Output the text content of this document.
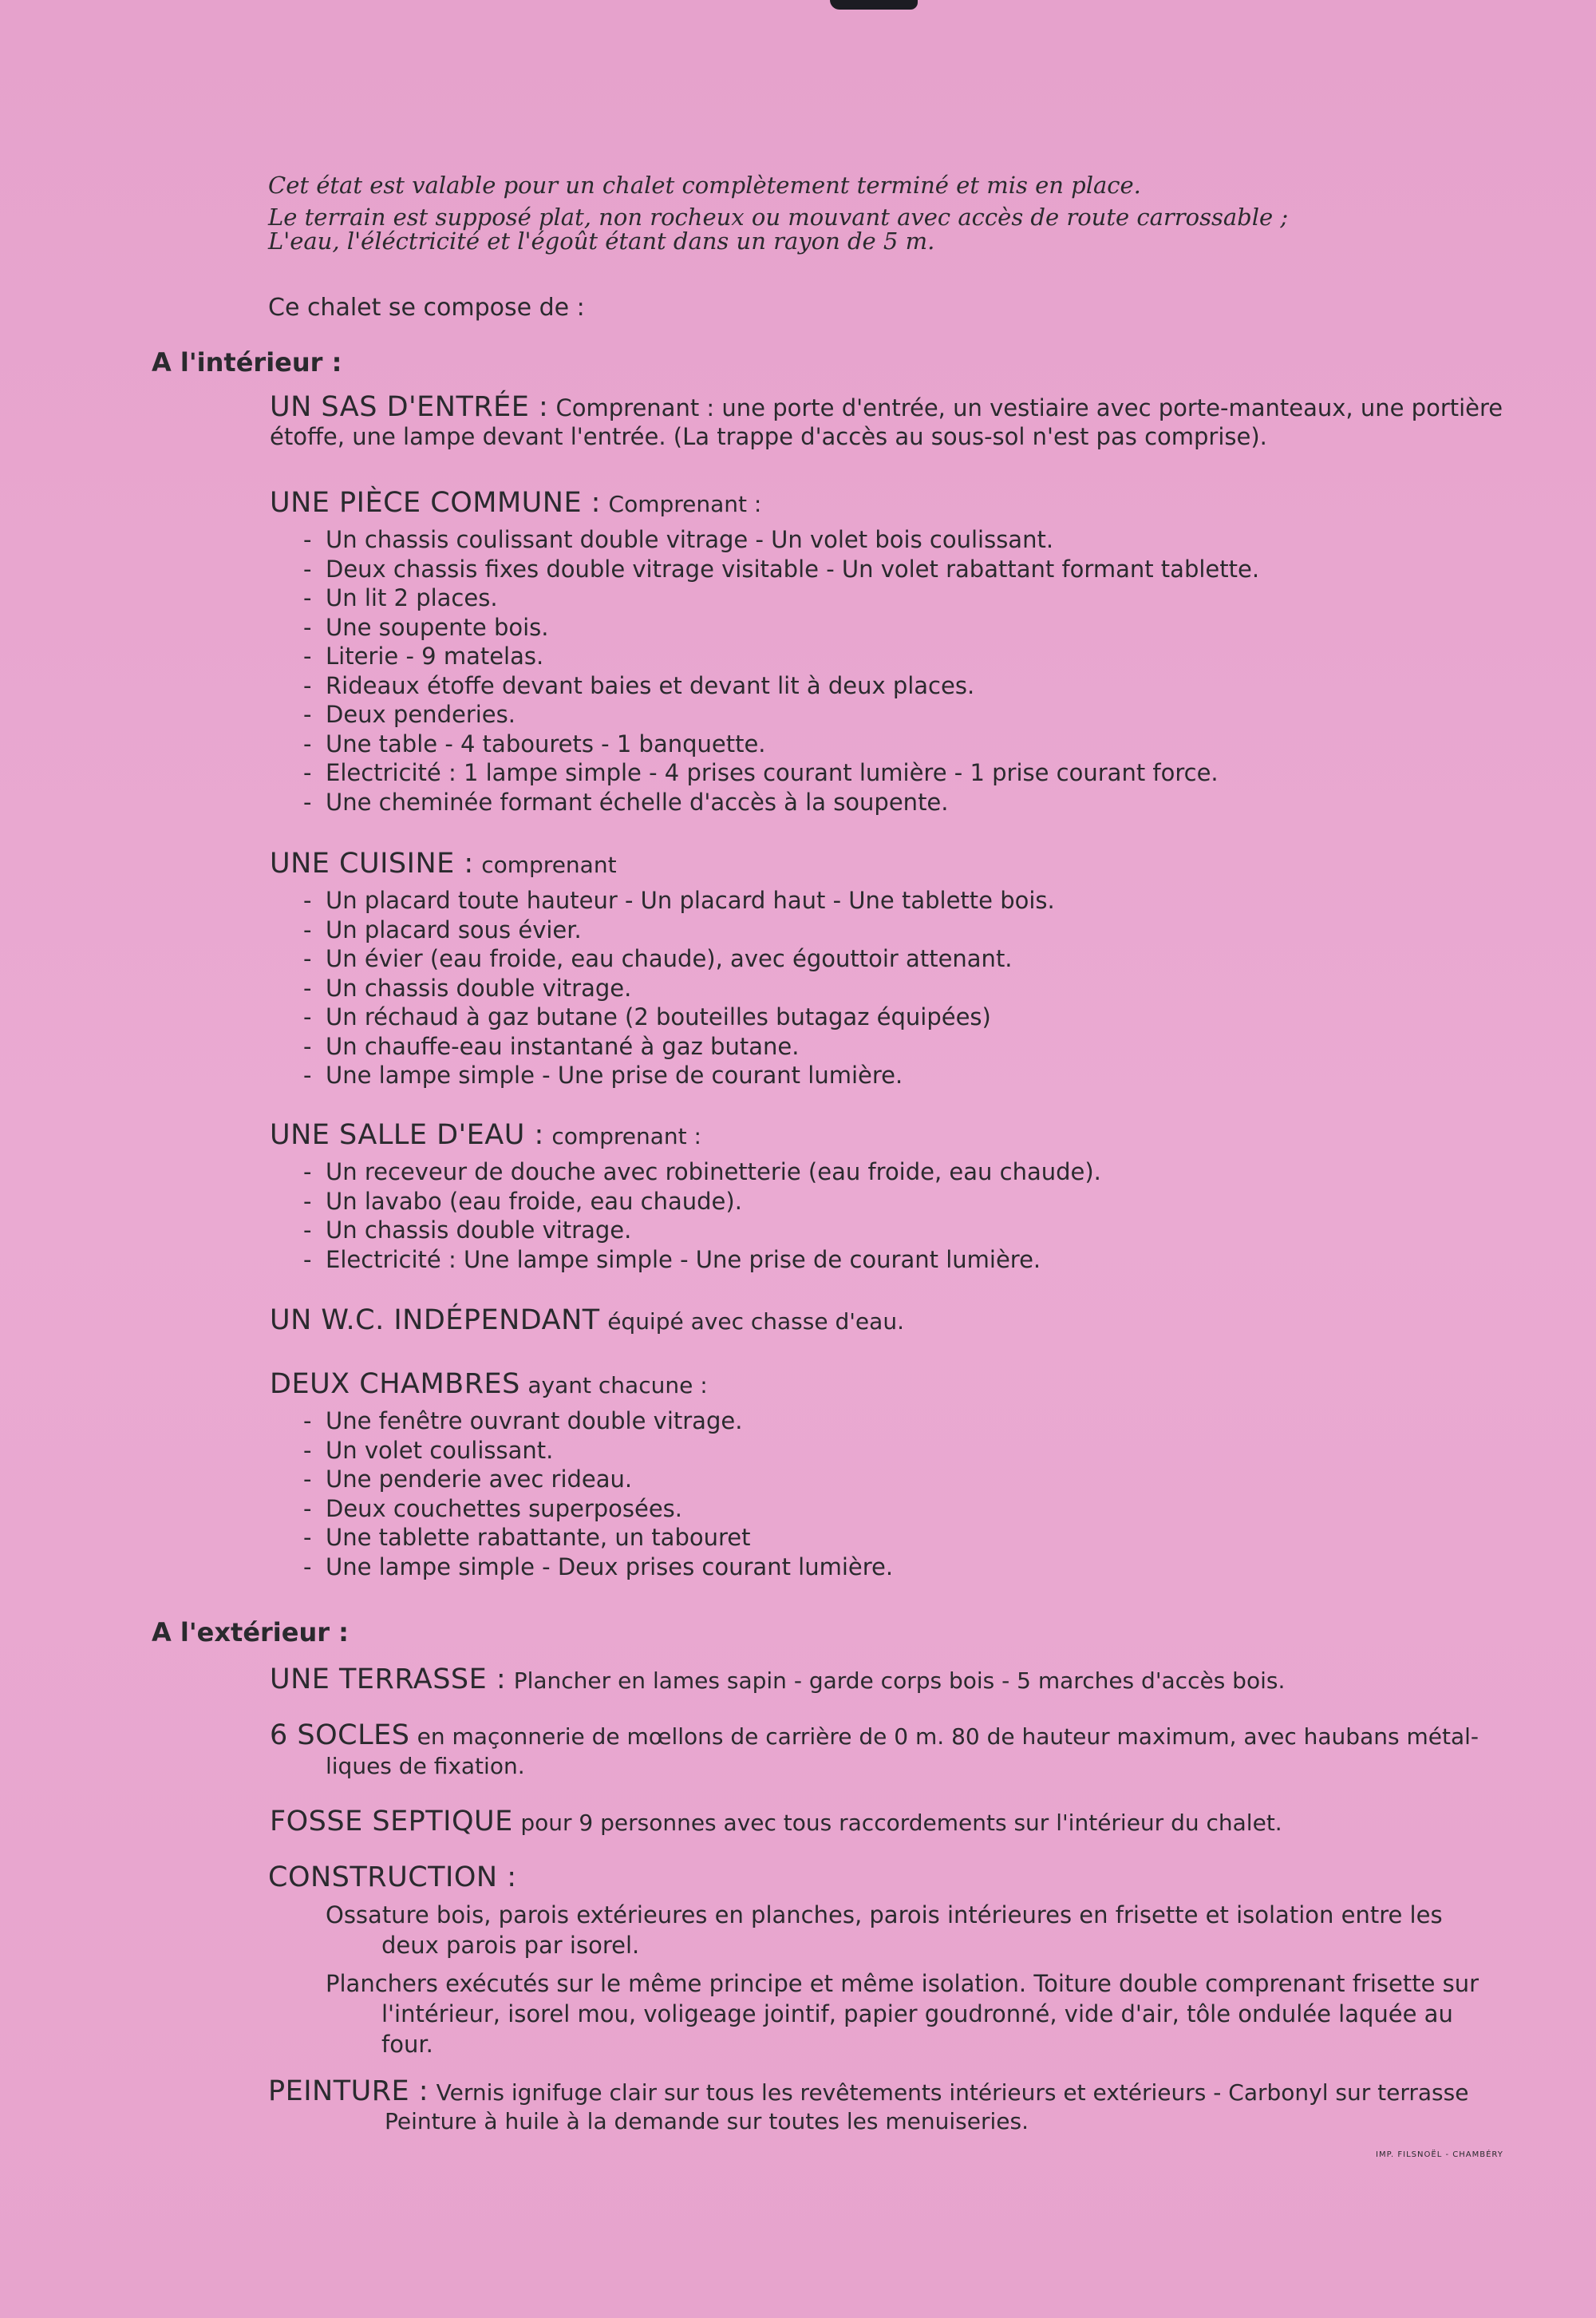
Cet état est valable pour un chalet complètement terminé et mis en place.

Le terrain est supposé plat, non rocheux ou mouvant avec accès de route carrossable ;

L'eau, l'éléctricité et l'égoût étant dans un rayon de 5 m.

Ce chalet se compose de :
A l'intérieur :
UN SAS D'ENTRÉE : Comprenant : une porte d'entrée, un vestiaire avec porte-manteaux, une portière
étoffe, une lampe devant l'entrée. (La trappe d'accès au sous-sol n'est pas comprise).
UNE PIÈCE COMMUNE : Comprenant :
- Un chassis coulissant double vitrage - Un volet bois coulissant.
- Deux chassis fixes double vitrage visitable - Un volet rabattant formant tablette.
- Un lit 2 places.
- Une soupente bois.
- Literie - 9 matelas.
- Rideaux étoffe devant baies et devant lit à deux places.
- Deux penderies.
- Une table - 4 tabourets - 1 banquette.
- Electricité : 1 lampe simple - 4 prises courant lumière - 1 prise courant force.
- Une cheminée formant échelle d'accès à la soupente.
UNE CUISINE : comprenant
- Un placard toute hauteur - Un placard haut - Une tablette bois.
- Un placard sous évier.
- Un évier (eau froide, eau chaude), avec égouttoir attenant.
- Un chassis double vitrage.
- Un réchaud à gaz butane (2 bouteilles butagaz équipées)
- Un chauffe-eau instantané à gaz butane.
- Une lampe simple - Une prise de courant lumière.
UNE SALLE D'EAU : comprenant :
- Un receveur de douche avec robinetterie (eau froide, eau chaude).
- Un lavabo (eau froide, eau chaude).
- Un chassis double vitrage.
- Electricité : Une lampe simple - Une prise de courant lumière.
UN W.C. INDÉPENDANT équipé avec chasse d'eau.
DEUX CHAMBRES ayant chacune :
- Une fenêtre ouvrant double vitrage.
- Un volet coulissant.
- Une penderie avec rideau.
- Deux couchettes superposées.
- Une tablette rabattante, un tabouret
- Une lampe simple - Deux prises courant lumière.
A l'extérieur :
UNE TERRASSE : Plancher en lames sapin - garde corps bois - 5 marches d'accès bois.
6 SOCLES en maçonnerie de mœllons de carrière de 0 m. 80 de hauteur maximum, avec haubans métal-
liques de fixation.
FOSSE SEPTIQUE pour 9 personnes avec tous raccordements sur l'intérieur du chalet.
CONSTRUCTION :

Ossature bois, parois extérieures en planches, parois intérieures en frisette et isolation entre les
deux parois par isorel.

Planchers exécutés sur le même principe et même isolation. Toiture double comprenant frisette sur
l'intérieur, isorel mou, voligeage jointif, papier goudronné, vide d'air, tôle ondulée laquée au
four.

PEINTURE : Vernis ignifuge clair sur tous les revêtements intérieurs et extérieurs - Carbonyl sur terrasse
Peinture à huile à la demande sur toutes les menuiseries.
IMP. FILSNOËL - CHAMBÉRY
